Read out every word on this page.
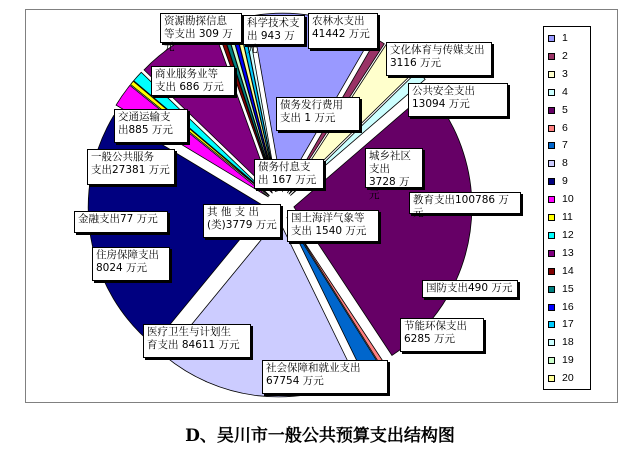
农林水支出
41442 万元
文化体育与传媒支出
3116 万元
公共安全支出
13094 万元
城乡社区支出
3728 万元	教育支出100786 万元
国防支出490 万元
节能环保支出
6285 万元
社会保障和就业支出
67754 万元
医疗卫生与计划生
育支出 84611 万元
住房保障支出
8024 万元
金融支出77 万元
其 他 支 出
(类)3779 万元
一般公共服务
支出27381 万元
交通运输支
出885 万元
商业服务业等
支出 686 万元
债务付息支
出 167 万元
资源勘探信息
等支出 309 万元
债务发行费用
支出 1 万元
科学技术支
出 943 万元
国土海洋气象等
支出 1540 万元
1
2
3
4
5
6
7
8
9
10
11
12
13
14
15
16
17
18
19
20
D、吴川市一般公共预算支出结构图
